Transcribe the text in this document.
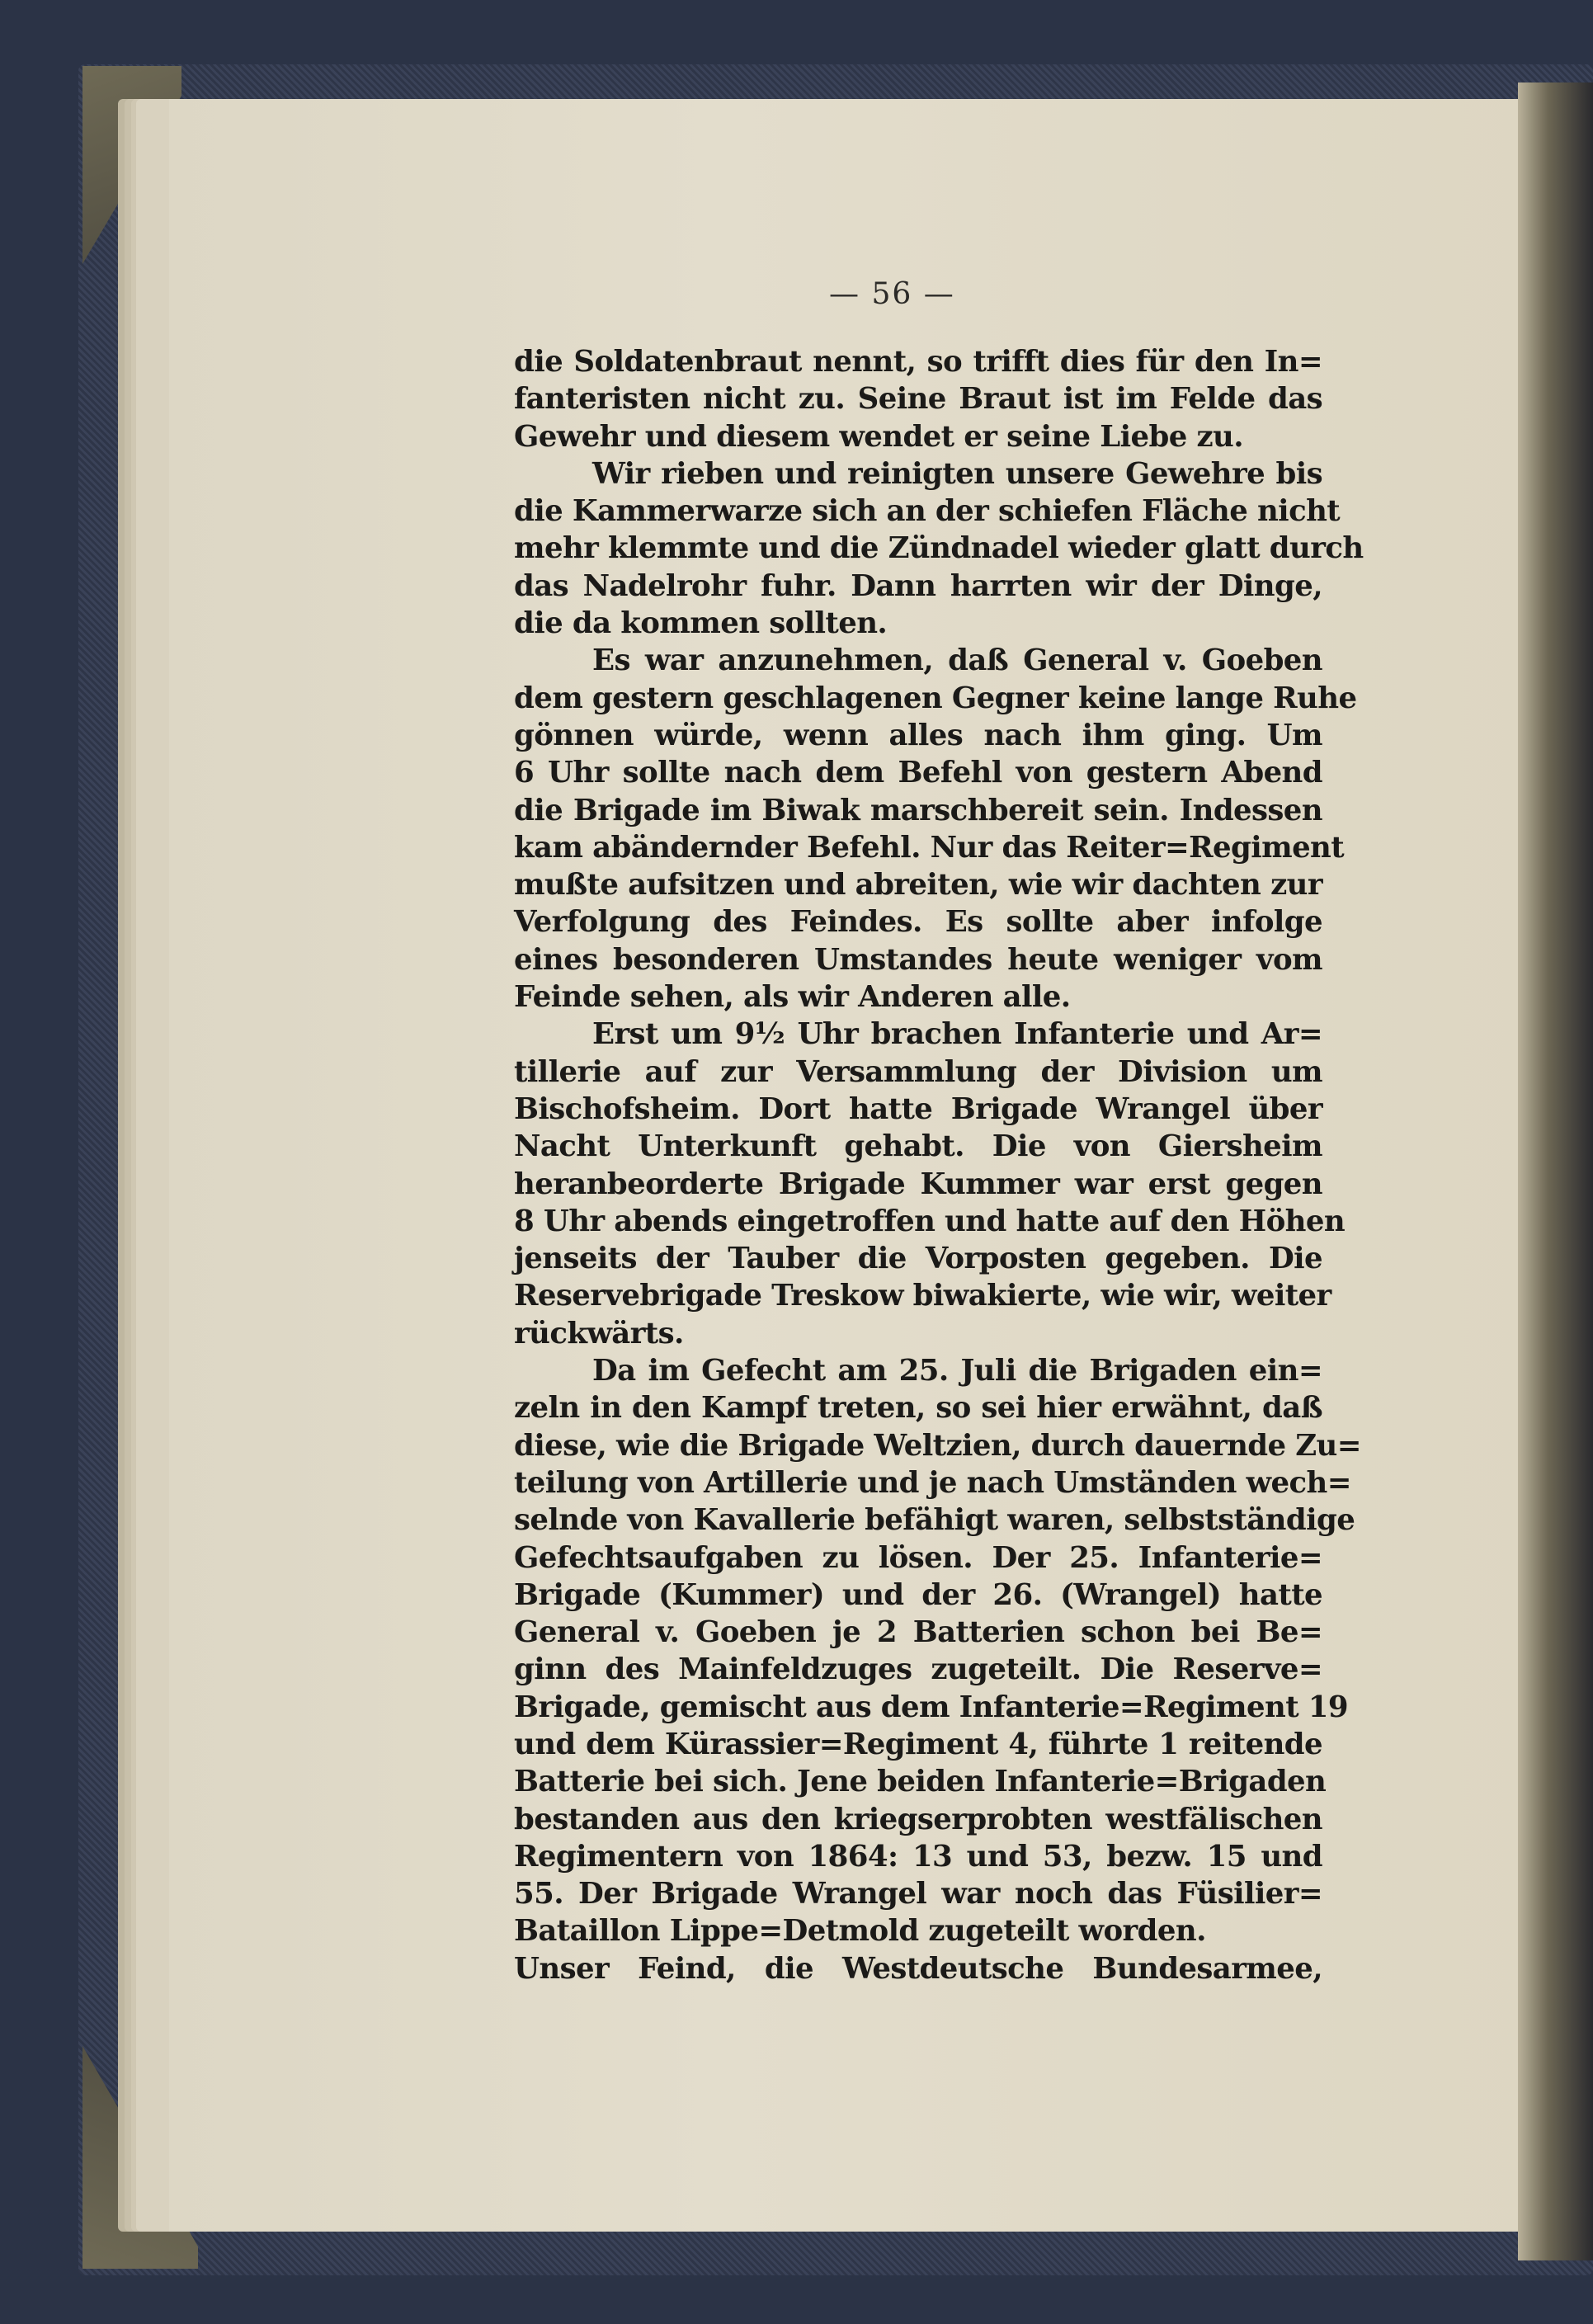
— 56 —
die Soldatenbraut nennt, so trifft dies für den In=
fanteristen nicht zu. Seine Braut ist im Felde das
Gewehr und diesem wendet er seine Liebe zu.
Wir rieben und reinigten unsere Gewehre bis
die Kammerwarze sich an der schiefen Fläche nicht
mehr klemmte und die Zündnadel wieder glatt durch
das Nadelrohr fuhr. Dann harrten wir der Dinge,
die da kommen sollten.
Es war anzunehmen, daß General v. Goeben
dem gestern geschlagenen Gegner keine lange Ruhe
gönnen würde, wenn alles nach ihm ging. Um
6 Uhr sollte nach dem Befehl von gestern Abend
die Brigade im Biwak marschbereit sein. Indessen
kam abändernder Befehl. Nur das Reiter=Regiment
mußte aufsitzen und abreiten, wie wir dachten zur
Verfolgung des Feindes. Es sollte aber infolge
eines besonderen Umstandes heute weniger vom
Feinde sehen, als wir Anderen alle.
Erst um 9½ Uhr brachen Infanterie und Ar=
tillerie auf zur Versammlung der Division um
Bischofsheim. Dort hatte Brigade Wrangel über
Nacht Unterkunft gehabt. Die von Giersheim
heranbeorderte Brigade Kummer war erst gegen
8 Uhr abends eingetroffen und hatte auf den Höhen
jenseits der Tauber die Vorposten gegeben. Die
Reservebrigade Treskow biwakierte, wie wir, weiter
rückwärts.
Da im Gefecht am 25. Juli die Brigaden ein=
zeln in den Kampf treten, so sei hier erwähnt, daß
diese, wie die Brigade Weltzien, durch dauernde Zu=
teilung von Artillerie und je nach Umständen wech=
selnde von Kavallerie befähigt waren, selbstständige
Gefechtsaufgaben zu lösen. Der 25. Infanterie=
Brigade (Kummer) und der 26. (Wrangel) hatte
General v. Goeben je 2 Batterien schon bei Be=
ginn des Mainfeldzuges zugeteilt. Die Reserve=
Brigade, gemischt aus dem Infanterie=Regiment 19
und dem Kürassier=Regiment 4, führte 1 reitende
Batterie bei sich. Jene beiden Infanterie=Brigaden
bestanden aus den kriegserprobten westfälischen
Regimentern von 1864: 13 und 53, bezw. 15 und
55. Der Brigade Wrangel war noch das Füsilier=
Bataillon Lippe=Detmold zugeteilt worden.
Unser Feind, die Westdeutsche Bundesarmee,
